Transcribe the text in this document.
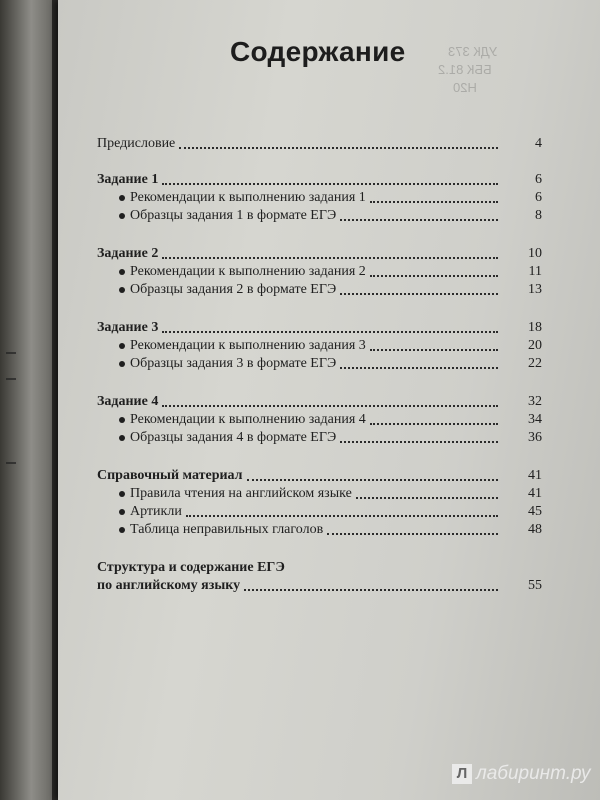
УДК 373
ББК 81.2
Н20
Содержание
Предисловие	4
Задание 1	6
Рекомендации к выполнению задания 1	6
Образцы задания 1 в формате ЕГЭ	8
Задание 2	10
Рекомендации к выполнению задания 2	11
Образцы задания 2 в формате ЕГЭ	13
Задание 3	18
Рекомендации к выполнению задания 3	20
Образцы задания 3 в формате ЕГЭ	22
Задание 4	32
Рекомендации к выполнению задания 4	34
Образцы задания 4 в формате ЕГЭ	36
Справочный материал	41
Правила чтения на английском языке	41
Артикли	45
Таблица неправильных глаголов	48
Структура и содержание ЕГЭ
по английскому языку	55
Л лабиринт.ру
